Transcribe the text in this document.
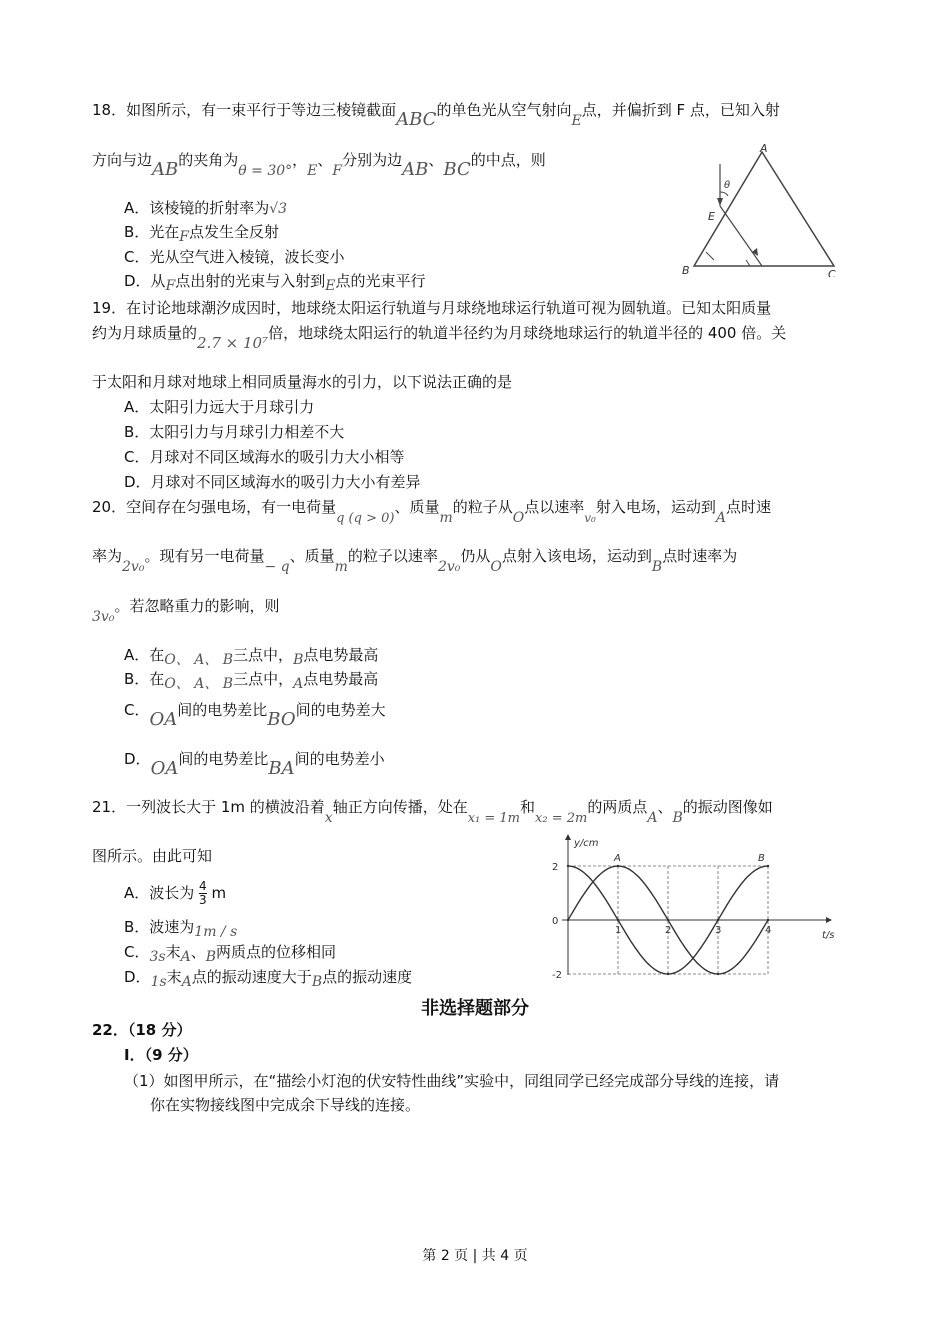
18．如图所示，有一束平行于等边三棱镜截面ABC的单色光从空气射向E点，并偏折到 F 点，已知入射
方向与边AB的夹角为θ = 30°，E、F分别为边AB、BC的中点，则
A．该棱镜的折射率为√3
B．光在F点发生全反射
C．光从空气进入棱镜，波长变小
D．从F点出射的光束与入射到E点的光束平行
A
B	C
E
θ
19．在讨论地球潮汐成因时，地球绕太阳运行轨道与月球绕地球运行轨道可视为圆轨道。已知太阳质量
约为月球质量的2.7 × 10⁷倍，地球绕太阳运行的轨道半径约为月球绕地球运行的轨道半径的 400 倍。关
于太阳和月球对地球上相同质量海水的引力，以下说法正确的是
A．太阳引力远大于月球引力
B．太阳引力与月球引力相差不大
C．月球对不同区域海水的吸引力大小相等
D．月球对不同区域海水的吸引力大小有差异
20．空间存在匀强电场，有一电荷量q (q > 0)、质量m的粒子从O点以速率$_{v_0}$射入电场，运动到A点时速
率为2v₀。现有另一电荷量− q、质量m的粒子以速率2v₀仍从O点射入该电场，运动到B点时速率为
3v₀。若忽略重力的影响，则
A．在O、 A、 B三点中，B点电势最高
B．在O、 A、 B三点中，A点电势最高
C．OA间的电势差比BO间的电势差大
D．OA间的电势差比BA间的电势差小
21．一列波长大于 1m 的横波沿着x轴正方向传播，处在x₁ = 1m和x₂ = 2m的两质点A、B的振动图像如
图所示。由此可知
A．波长为 $\frac{4}{3}$ m
B．波速为1m / s
C．3s末A、B两质点的位移相同
D．1s末A点的振动速度大于B点的振动速度
y/cm
t/s
2
0
-2
1	2	3	4
A	B
非选择题部分
22．（18 分）
Ⅰ．（9 分）
（1）如图甲所示，在“描绘小灯泡的伏安特性曲线”实验中，同组同学已经完成部分导线的连接，请
你在实物接线图中完成余下导线的连接。
第 2 页 | 共 4 页
